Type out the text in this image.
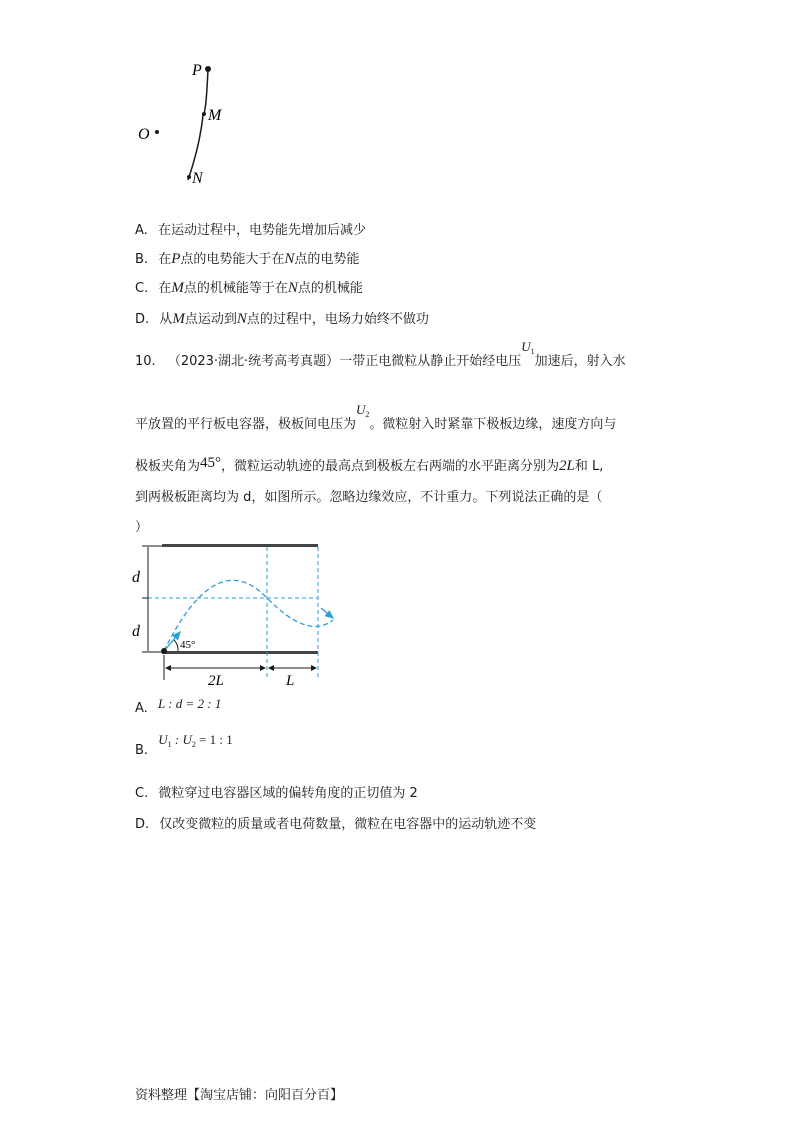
P
M
O
N
A. 在运动过程中，电势能先增加后减少
B. 在P点的电势能大于在N点的电势能
C. 在M点的机械能等于在N点的机械能
D. 从M点运动到N点的过程中，电场力始终不做功
10. （2023·湖北·统考高考真题）一带正电微粒从静止开始经电压$U_1$加速后，射入水
平放置的平行板电容器，极板间电压为$U_2$。微粒射入时紧靠下极板边缘，速度方向与
极板夹角为45°，微粒运动轨迹的最高点到极板左右两端的水平距离分别为2L和 L,
到两极板距离均为 d，如图所示。忽略边缘效应，不计重力。下列说法正确的是（
）
d
d
45°
2L	L
A. L : d = 2 : 1
B. $U_1$ : $U_2 = 1$ : 1
C. 微粒穿过电容器区域的偏转角度的正切值为 2
D. 仅改变微粒的质量或者电荷数量，微粒在电容器中的运动轨迹不变
资料整理【淘宝店铺：向阳百分百】
